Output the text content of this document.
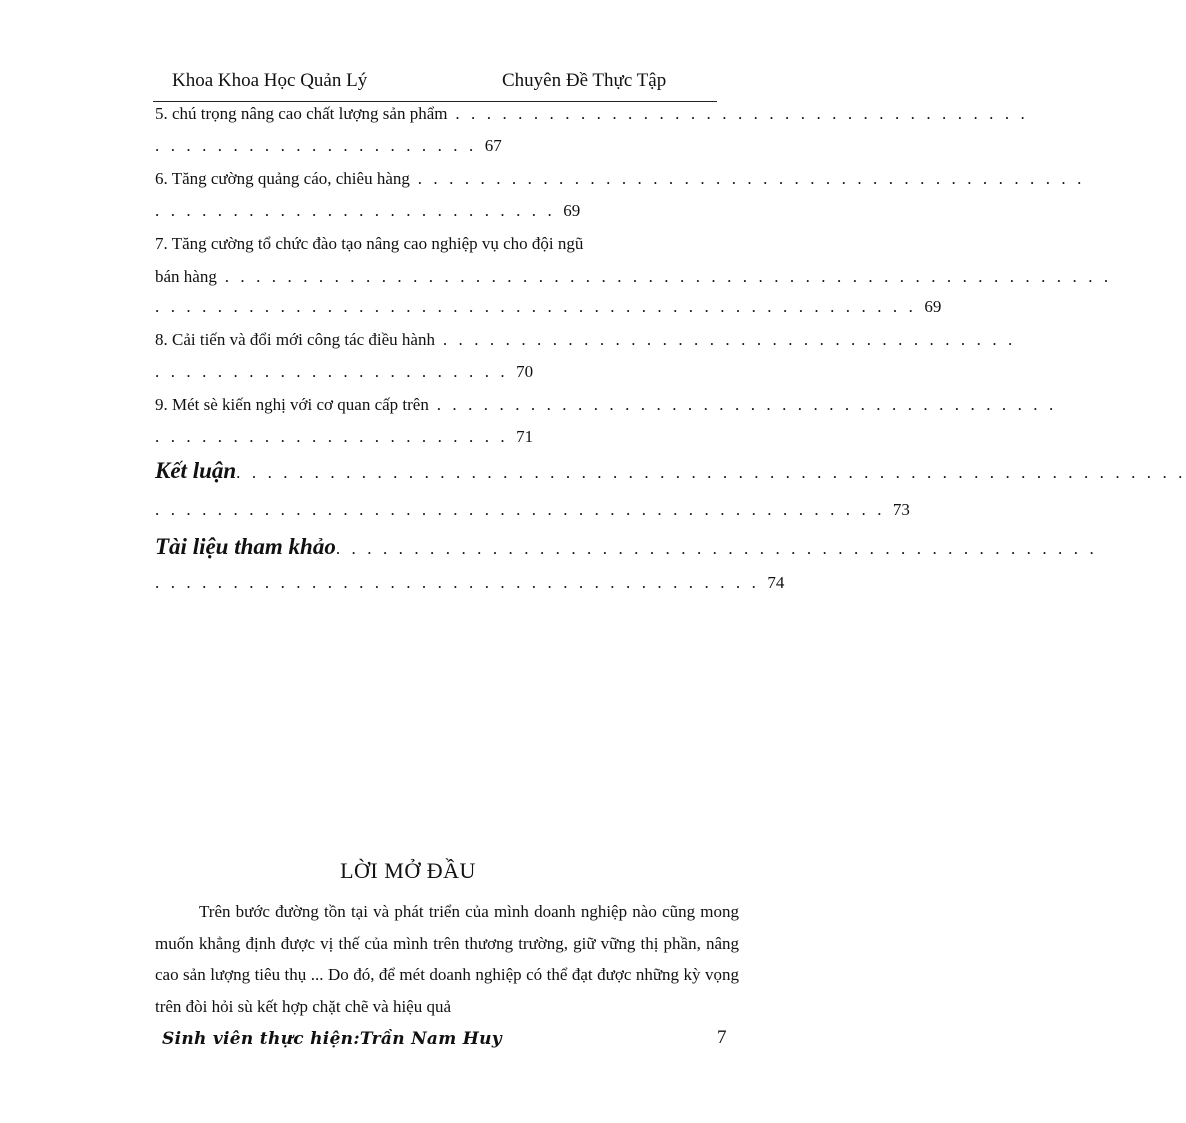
Khoa Khoa Học Quản Lý	Chuyên Đề Thực Tập
5. chú trọng nâng cao chất lượng sản phẩm . . . . . . . . . . . . . . . . . . . . . . . . . . . . . . . . . . . . .
. . . . . . . . . . . . . . . . . . . . . 67
6. Tăng cường quảng cáo, chiêu hàng . . . . . . . . . . . . . . . . . . . . . . . . . . . . . . . . . . . . . . . . . . .
. . . . . . . . . . . . . . . . . . . . . . . . . . 69
7. Tăng cường tổ chức đào tạo nâng cao nghiệp vụ cho đội ngũ
bán hàng . . . . . . . . . . . . . . . . . . . . . . . . . . . . . . . . . . . . . . . . . . . . . . . . . . . . . . . . .
. . . . . . . . . . . . . . . . . . . . . . . . . . . . . . . . . . . . . . . . . . . . . . . . . 69
8. Cải tiến và đổi mới công tác điều hành . . . . . . . . . . . . . . . . . . . . . . . . . . . . . . . . . . . . .
. . . . . . . . . . . . . . . . . . . . . . . 70
9. Mét sè kiến nghị với cơ quan cấp trên . . . . . . . . . . . . . . . . . . . . . . . . . . . . . . . . . . . . . . . .
. . . . . . . . . . . . . . . . . . . . . . . 71
Kết luận. . . . . . . . . . . . . . . . . . . . . . . . . . . . . . . . . . . . . . . . . . . . . . . . . . . . . . . . . . . . .
. . . . . . . . . . . . . . . . . . . . . . . . . . . . . . . . . . . . . . . . . . . . . . . 73
Tài liệu tham khảo. . . . . . . . . . . . . . . . . . . . . . . . . . . . . . . . . . . . . . . . . . . . . . . . .
. . . . . . . . . . . . . . . . . . . . . . . . . . . . . . . . . . . . . . . 74
LỜI MỞ ĐẦU

Trên bước đường tồn tại và phát triển của mình doanh nghiệp nào cũng mong muốn khẳng định được vị thế của mình trên thương trường, giữ vững thị phần, nâng cao sản lượng tiêu thụ ... Do đó, để mét doanh nghiệp có thể đạt được những kỳ vọng trên đòi hỏi sù kết hợp chặt chẽ và hiệu quả

Sinh viên thực hiện:Trần Nam Huy	7
